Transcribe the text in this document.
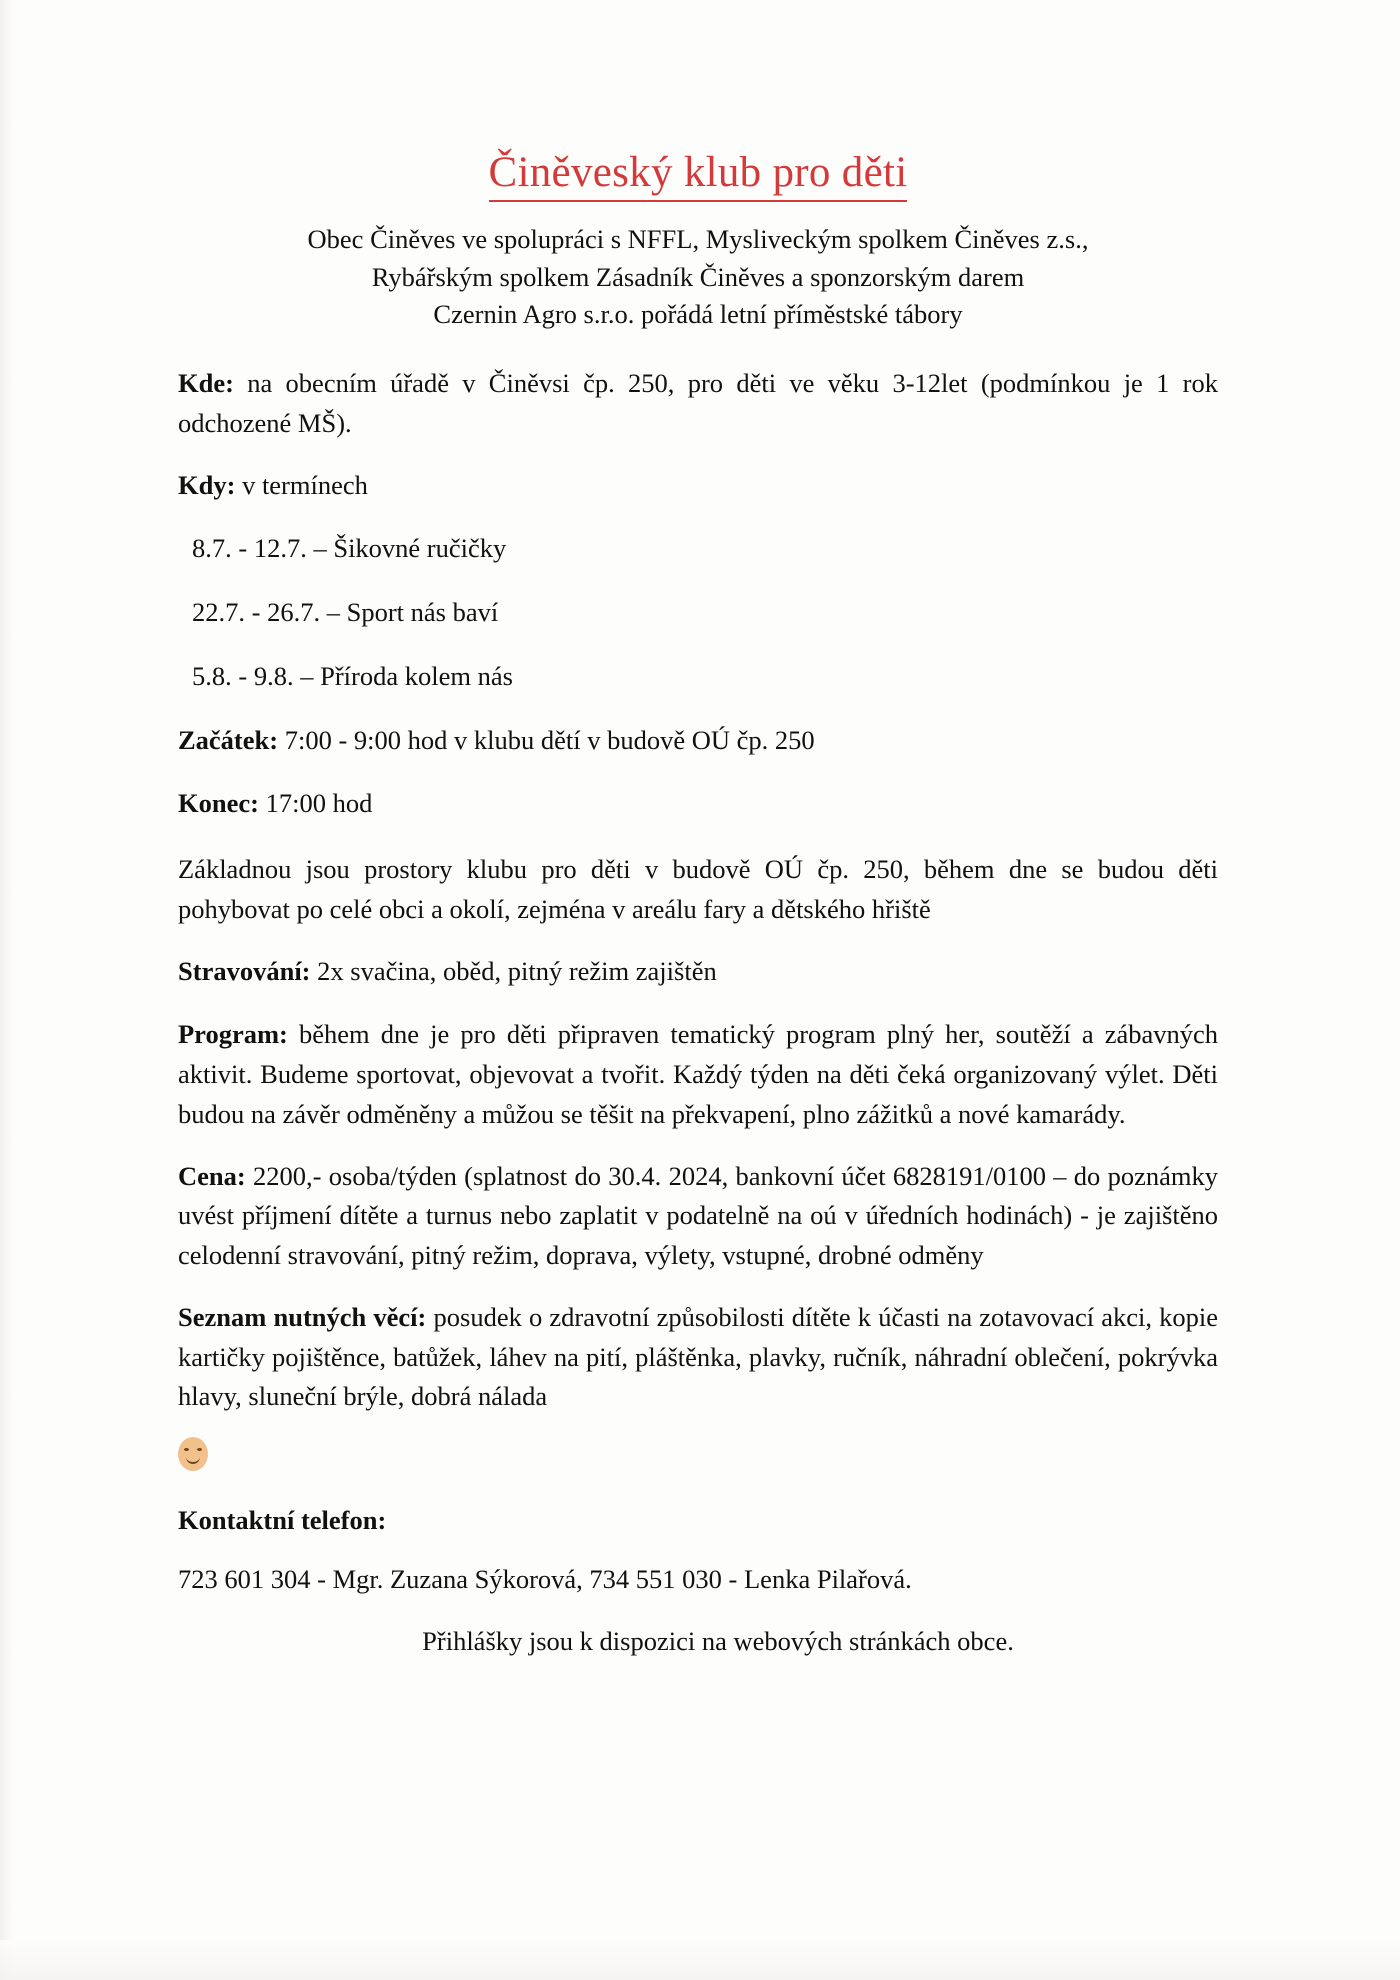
Činěveský klub pro děti
Obec Činěves ve spolupráci s NFFL, Mysliveckým spolkem Činěves z.s.,
Rybářským spolkem Zásadník Činěves a sponzorským darem
Czernin Agro s.r.o. pořádá letní příměstské tábory

Kde: na obecním úřadě v Činěvsi čp. 250, pro děti ve věku 3-12let (podmínkou je 1 rok odchozené MŠ).

Kdy: v termínech

8.7. - 12.7. – Šikovné ručičky
22.7. - 26.7. – Sport nás baví
5.8. - 9.8. – Příroda kolem nás

Začátek: 7:00 - 9:00 hod v klubu dětí v budově OÚ čp. 250

Konec: 17:00 hod

Základnou jsou prostory klubu pro děti v budově OÚ čp. 250, během dne se budou děti pohybovat po celé obci a okolí, zejména v areálu fary a dětského hřiště

Stravování: 2x svačina, oběd, pitný režim zajištěn

Program: během dne je pro děti připraven tematický program plný her, soutěží a zábavných aktivit. Budeme sportovat, objevovat a tvořit. Každý týden na děti čeká organizovaný výlet. Děti budou na závěr odměněny a můžou se těšit na překvapení, plno zážitků a nové kamarády.

Cena: 2200,- osoba/týden (splatnost do 30.4. 2024, bankovní účet 6828191/0100 – do poznámky uvést příjmení dítěte a turnus nebo zaplatit v podatelně na oú v úředních hodinách) - je zajištěno celodenní stravování, pitný režim, doprava, výlety, vstupné, drobné odměny

Seznam nutných věcí: posudek o zdravotní způsobilosti dítěte k účasti na zotavovací akci, kopie kartičky pojištěnce, batůžek, láhev na pití, pláštěnka, plavky, ručník, náhradní oblečení, pokrývka hlavy, sluneční brýle, dobrá nálada

Kontaktní telefon:
723 601 304 - Mgr. Zuzana Sýkorová, 734 551 030 - Lenka Pilařová.
Přihlášky jsou k dispozici na webových stránkách obce.
